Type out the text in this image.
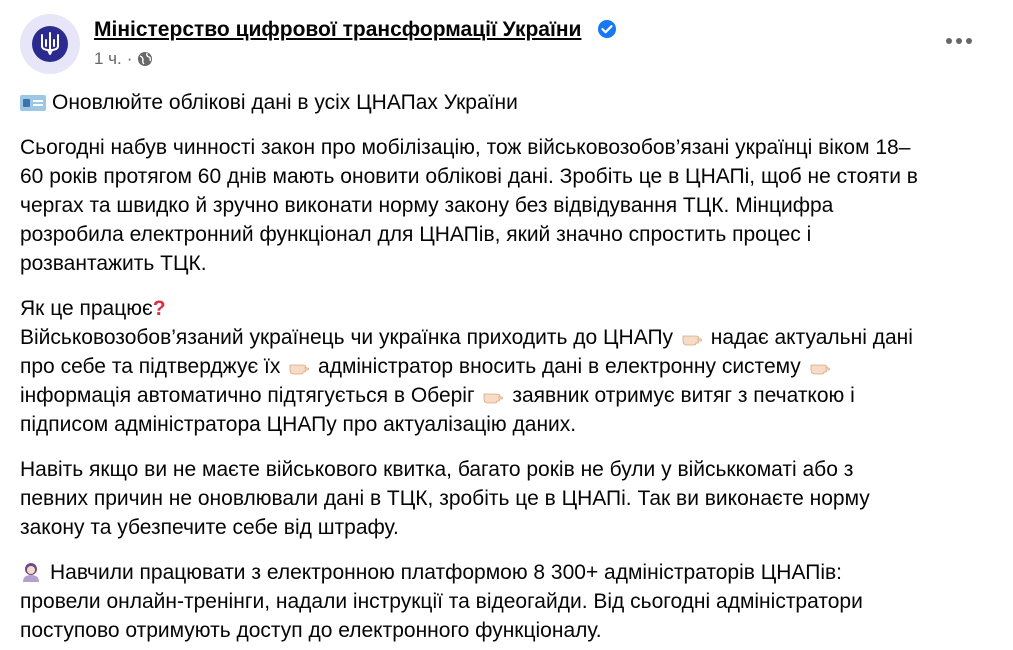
Міністерство цифрової трансформації України
1 ч. ·
Оновлюйте облікові дані в усіх ЦНАПах України
Сьогодні набув чинності закон про мобілізацію, тож військовозобов’язані українці віком 18–
60 років протягом 60 днів мають оновити облікові дані. Зробіть це в ЦНАПі, щоб не стояти в
чергах та швидко й зручно виконати норму закону без відвідування ТЦК. Мінцифра
розробила електронний функціонал для ЦНАПів, який значно спростить процес і
розвантажить ТЦК.
Як це працює?
Військовозобов’язаний українець чи українка приходить до ЦНАПу  надає актуальні дані
про себе та підтверджує їх  адміністратор вносить дані в електронну систему
інформація автоматично підтягується в Оберіг  заявник отримує витяг з печаткою і
підписом адміністратора ЦНАПу про актуалізацію даних.
Навіть якщо ви не маєте військового квитка, багато років не були у військкоматі або з
певних причин не оновлювали дані в ТЦК, зробіть це в ЦНАПі. Так ви виконаєте норму
закону та убезпечите себе від штрафу.
Навчили працювати з електронною платформою 8 300+ адміністраторів ЦНАПів:
провели онлайн-тренінги, надали інструкції та відеогайди. Від сьогодні адміністратори
поступово отримують доступ до електронного функціоналу.
